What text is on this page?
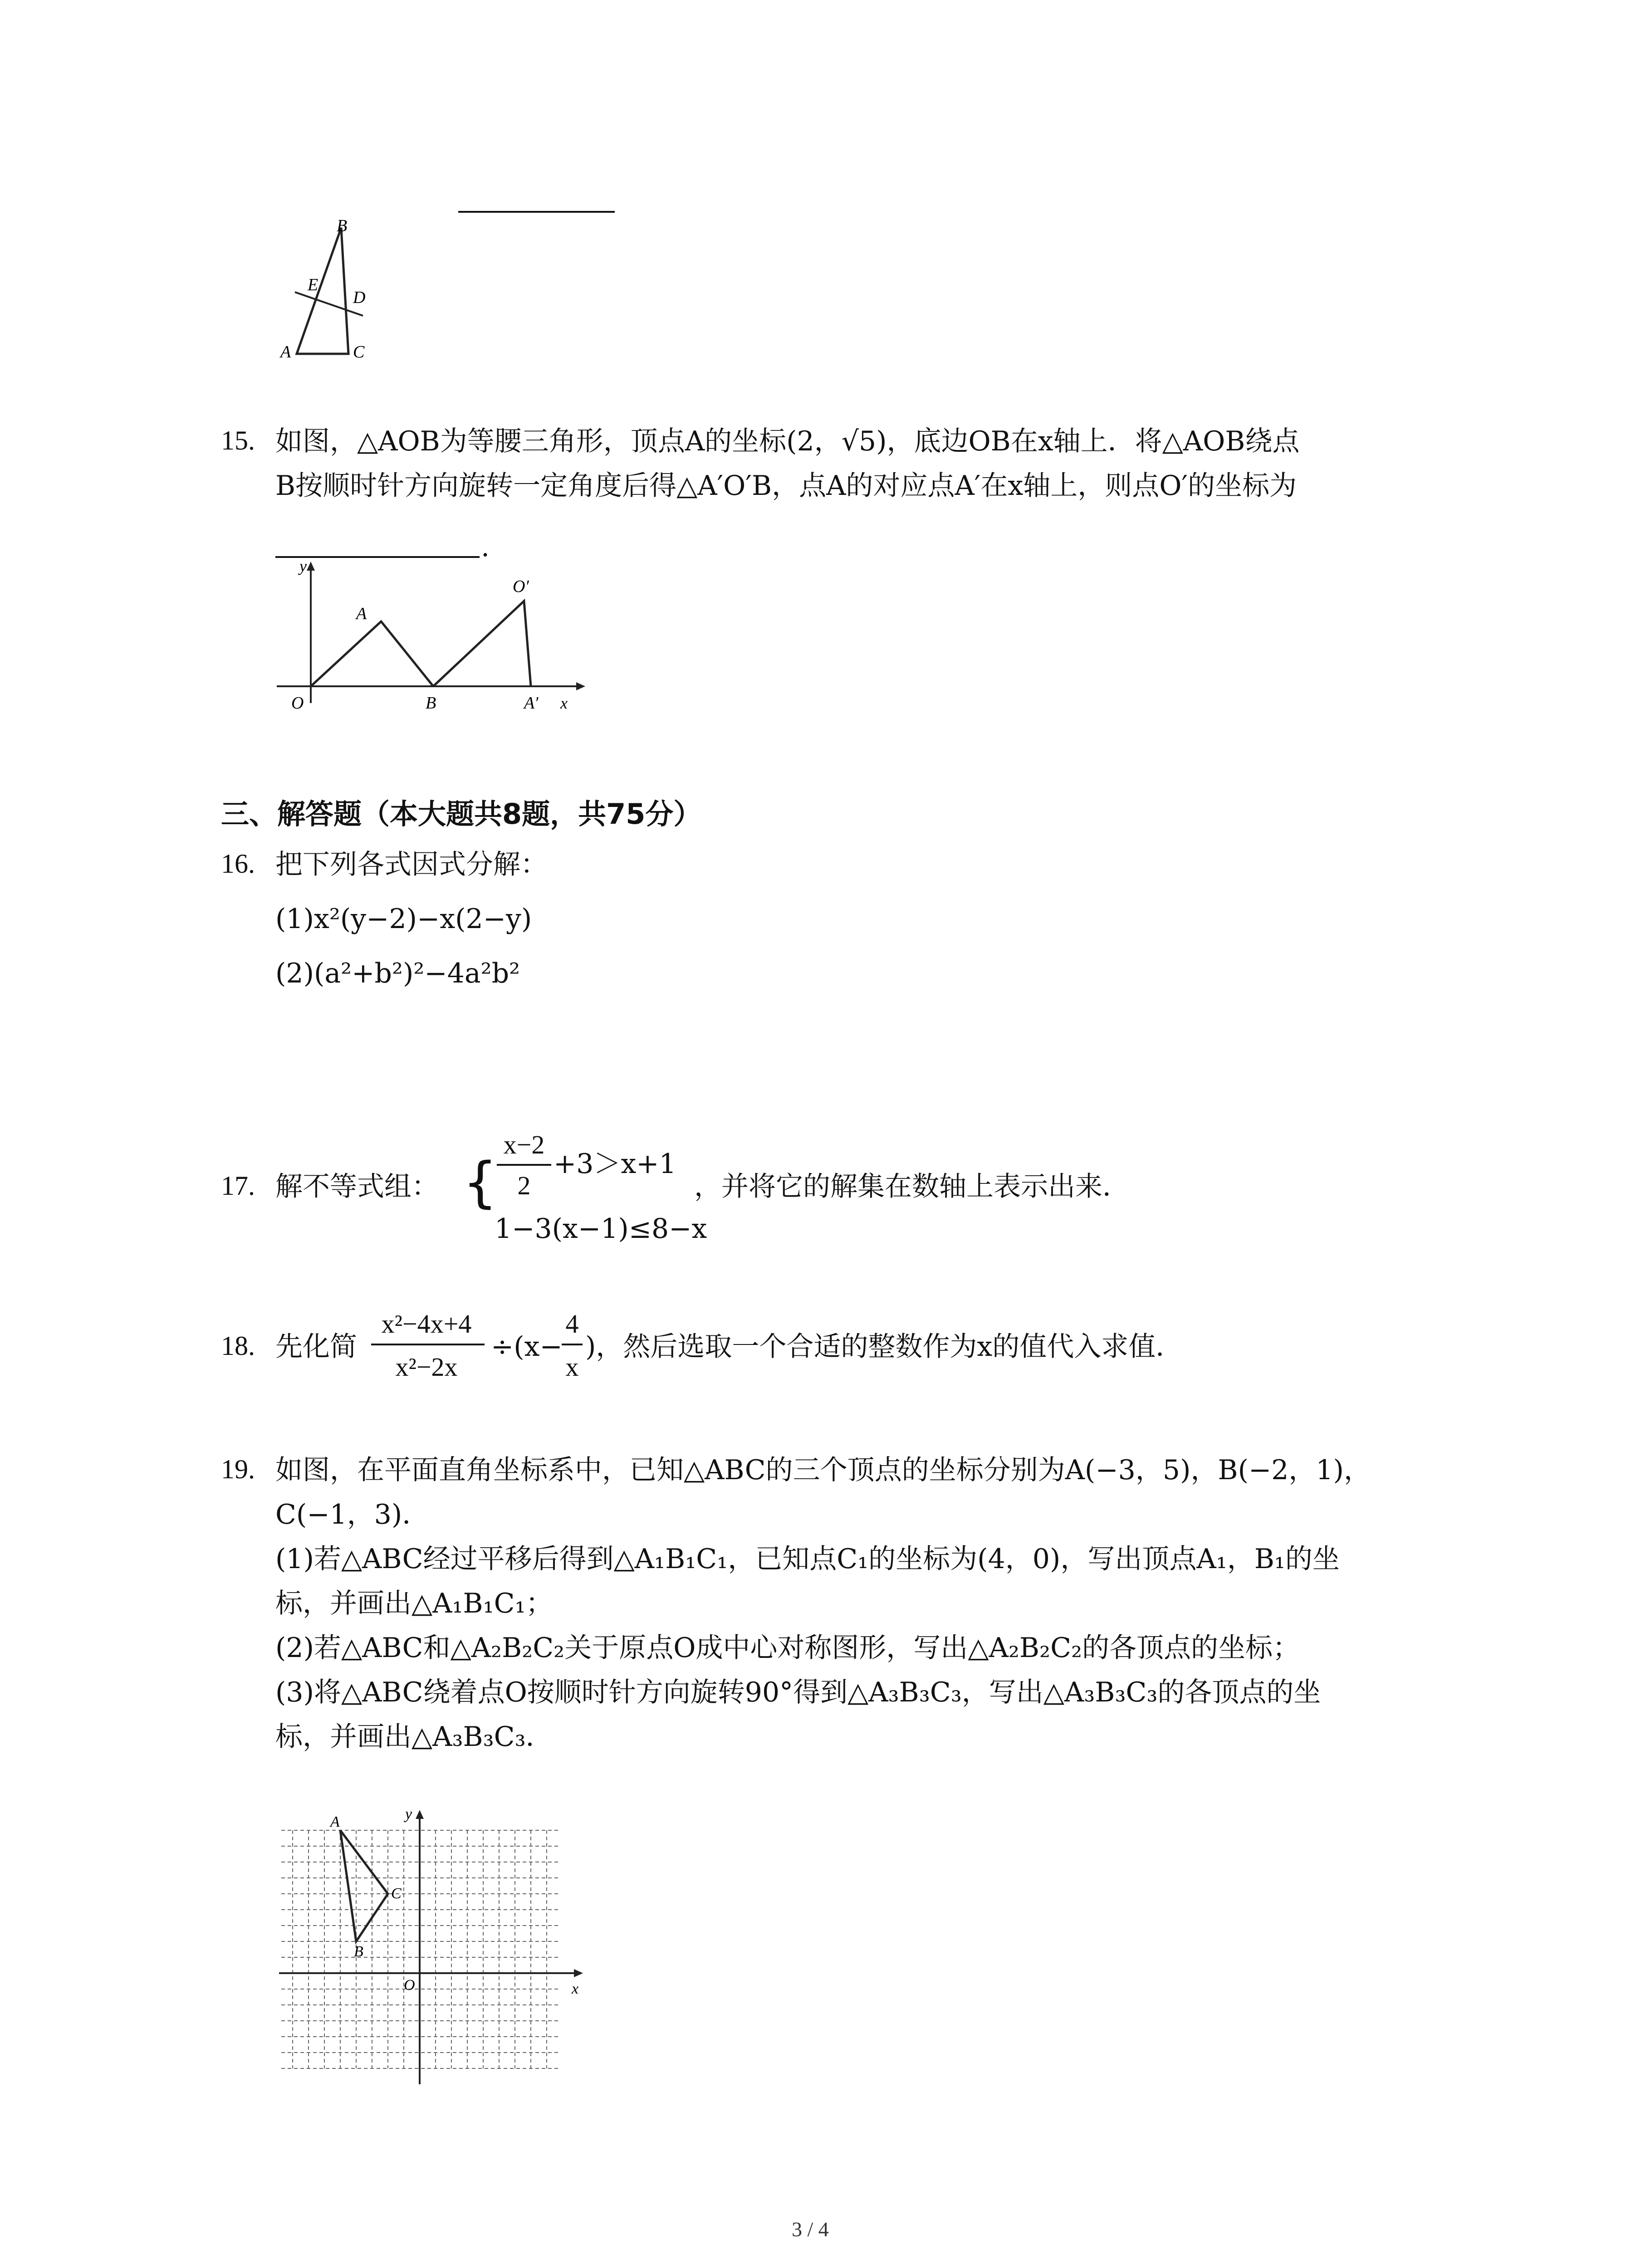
B
E
D
A	C
15. 如图，△AOB为等腰三角形，顶点A的坐标(2，√5)，底边OB在x轴上．将△AOB绕点
B按顺时针方向旋转一定角度后得△A′O′B，点A的对应点A′在x轴上，则点O′的坐标为
.
y
A
O′
O	B	A′ x
三、解答题（本大题共8题，共75分）
16. 把下列各式因式分解：
(1)x²(y−2)−x(2−y)
(2)(a²+b²)²−4a²b²
17. 解不等式组： {
x−2
2
+3＞x+1
1−3(x−1)≤8−x
，并将它的解集在数轴上表示出来．
18. 先化简
x²−4x+4
x²−2x
÷(x−
4
x
)，然后选取一个合适的整数作为x的值代入求值．
19. 如图，在平面直角坐标系中，已知△ABC的三个顶点的坐标分别为A(−3，5)，B(−2，1)，
C(−1，3)．
(1)若△ABC经过平移后得到△A₁B₁C₁，已知点C₁的坐标为(4，0)，写出顶点A₁，B₁的坐
标，并画出△A₁B₁C₁；
(2)若△ABC和△A₂B₂C₂关于原点O成中心对称图形，写出△A₂B₂C₂的各顶点的坐标；
(3)将△ABC绕着点O按顺时针方向旋转90°得到△A₃B₃C₃，写出△A₃B₃C₃的各顶点的坐
标，并画出△A₃B₃C₃．
A
C
B
O	x
y
3 / 4
